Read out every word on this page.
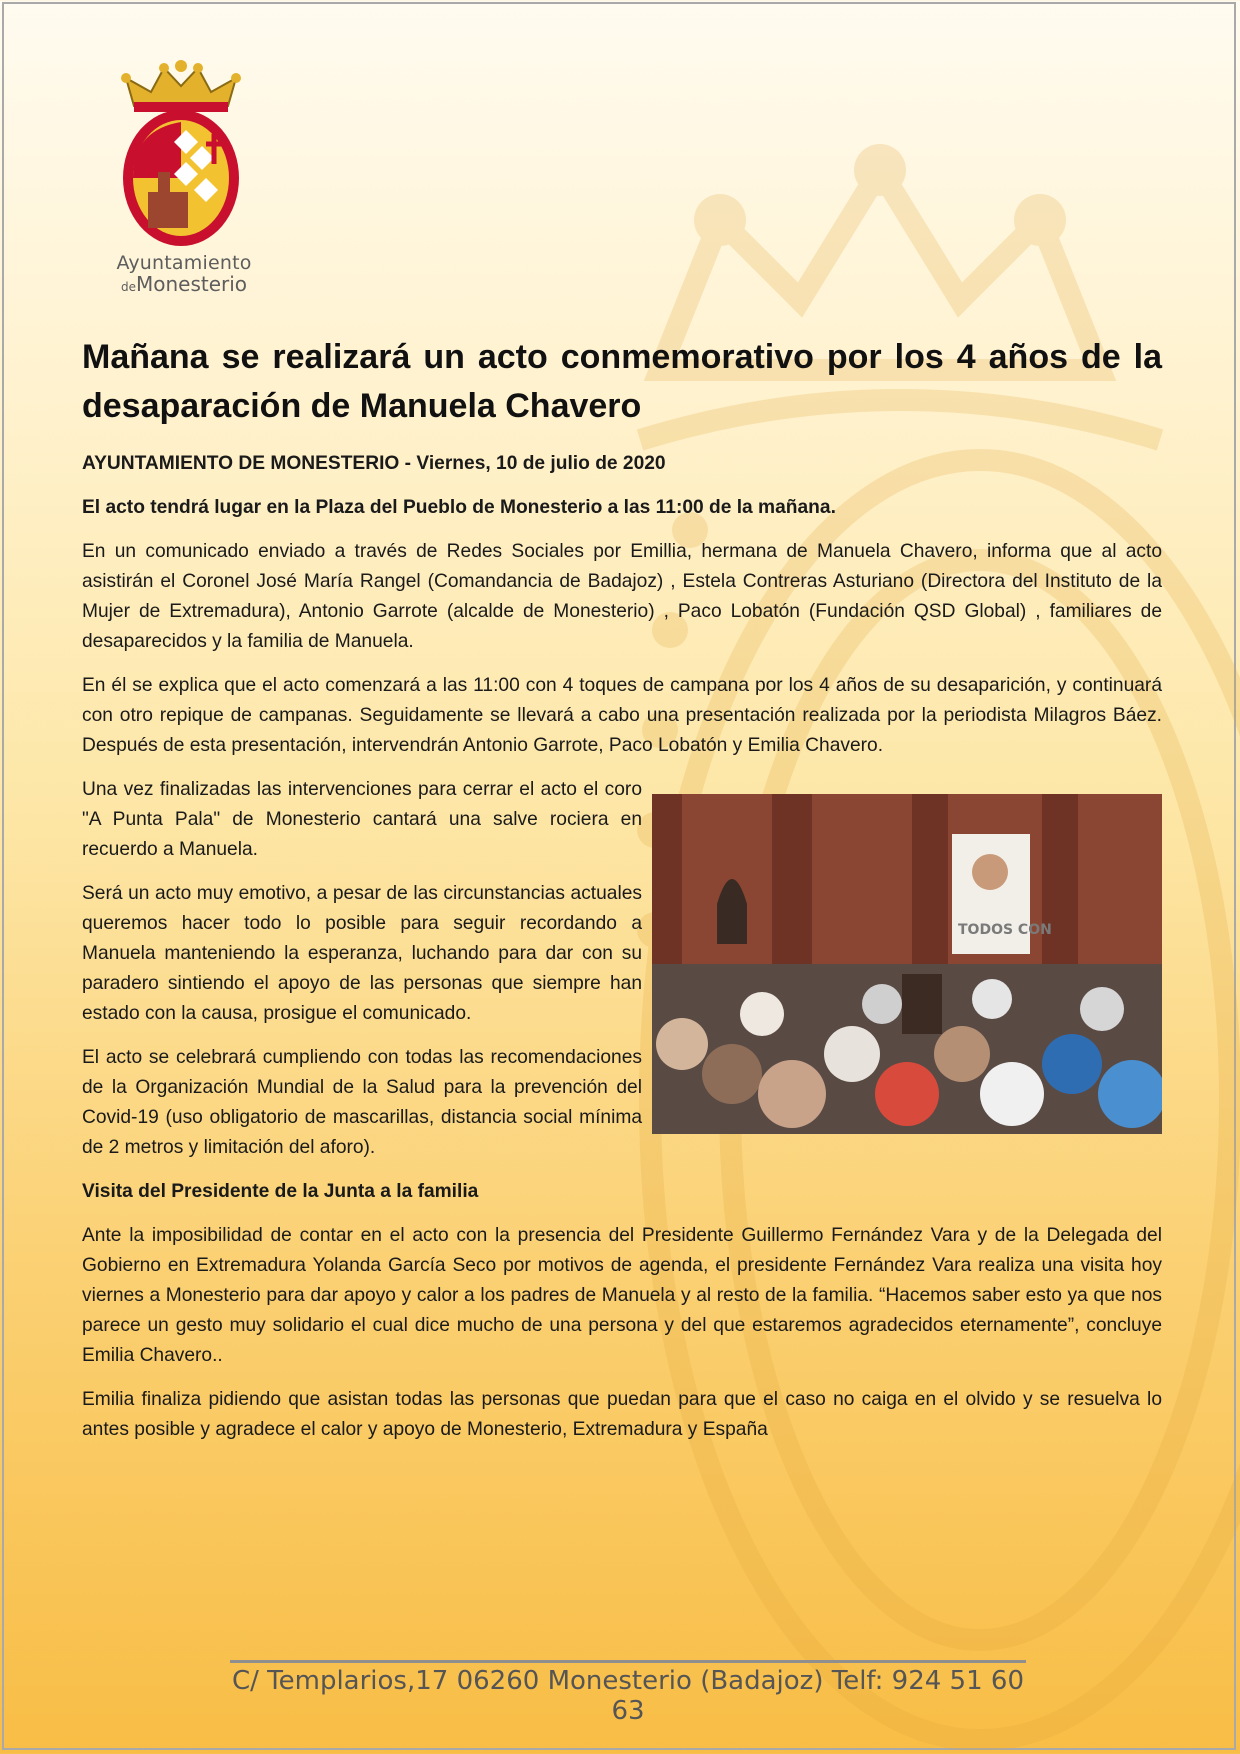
Ayuntamiento
deMonesterio
Mañana se realizará un acto conmemorativo por los 4 años de la desaparación de Manuela Chavero

AYUNTAMIENTO DE MONESTERIO - Viernes, 10 de julio de 2020

El acto tendrá lugar en la Plaza del Pueblo de Monesterio a las 11:00 de la mañana.

En un comunicado enviado a través de Redes Sociales por Emillia, hermana de Manuela Chavero, informa que al acto asistirán el Coronel José María Rangel (Comandancia de Badajoz) , Estela Contreras Asturiano (Directora del Instituto de la Mujer de Extremadura), Antonio Garrote (alcalde de Monesterio) , Paco Lobatón (Fundación QSD Global) , familiares de desaparecidos y la familia de Manuela.

En él se explica que el acto comenzará a las 11:00 con 4 toques de campana por los 4 años de su desaparición, y continuará con otro repique de campanas. Seguidamente se llevará a cabo una presentación realizada por la periodista Milagros Báez. Después de esta presentación, intervendrán Antonio Garrote, Paco Lobatón y Emilia Chavero.

TODOS CON

Una vez finalizadas las intervenciones para cerrar el acto el coro "A Punta Pala" de Monesterio cantará una salve rociera en recuerdo a Manuela.

Será un acto muy emotivo, a pesar de las circunstancias actuales queremos hacer todo lo posible para seguir recordando a Manuela manteniendo la esperanza, luchando para dar con su paradero sintiendo el apoyo de las personas que siempre han estado con la causa, prosigue el comunicado.

El acto se celebrará cumpliendo con todas las recomendaciones de la Organización Mundial de la Salud para la prevención del Covid-19 (uso obligatorio de mascarillas, distancia social mínima de 2 metros y limitación del aforo).

Visita del Presidente de la Junta a la familia

Ante la imposibilidad de contar en el acto con la presencia del Presidente Guillermo Fernández Vara y de la Delegada del Gobierno en Extremadura Yolanda García Seco por motivos de agenda, el presidente Fernández Vara realiza una visita hoy viernes a Monesterio para dar apoyo y calor a los padres de Manuela y al resto de la familia. “Hacemos saber esto ya que nos parece un gesto muy solidario el cual dice mucho de una persona y del que estaremos agradecidos eternamente”, concluye Emilia Chavero..

Emilia finaliza pidiendo que asistan todas las personas que puedan para que el caso no caiga en el olvido y se resuelva lo antes posible y agradece el calor y apoyo de Monesterio, Extremadura y España

C/ Templarios,17 06260 Monesterio (Badajoz) Telf: 924 51 60 63
